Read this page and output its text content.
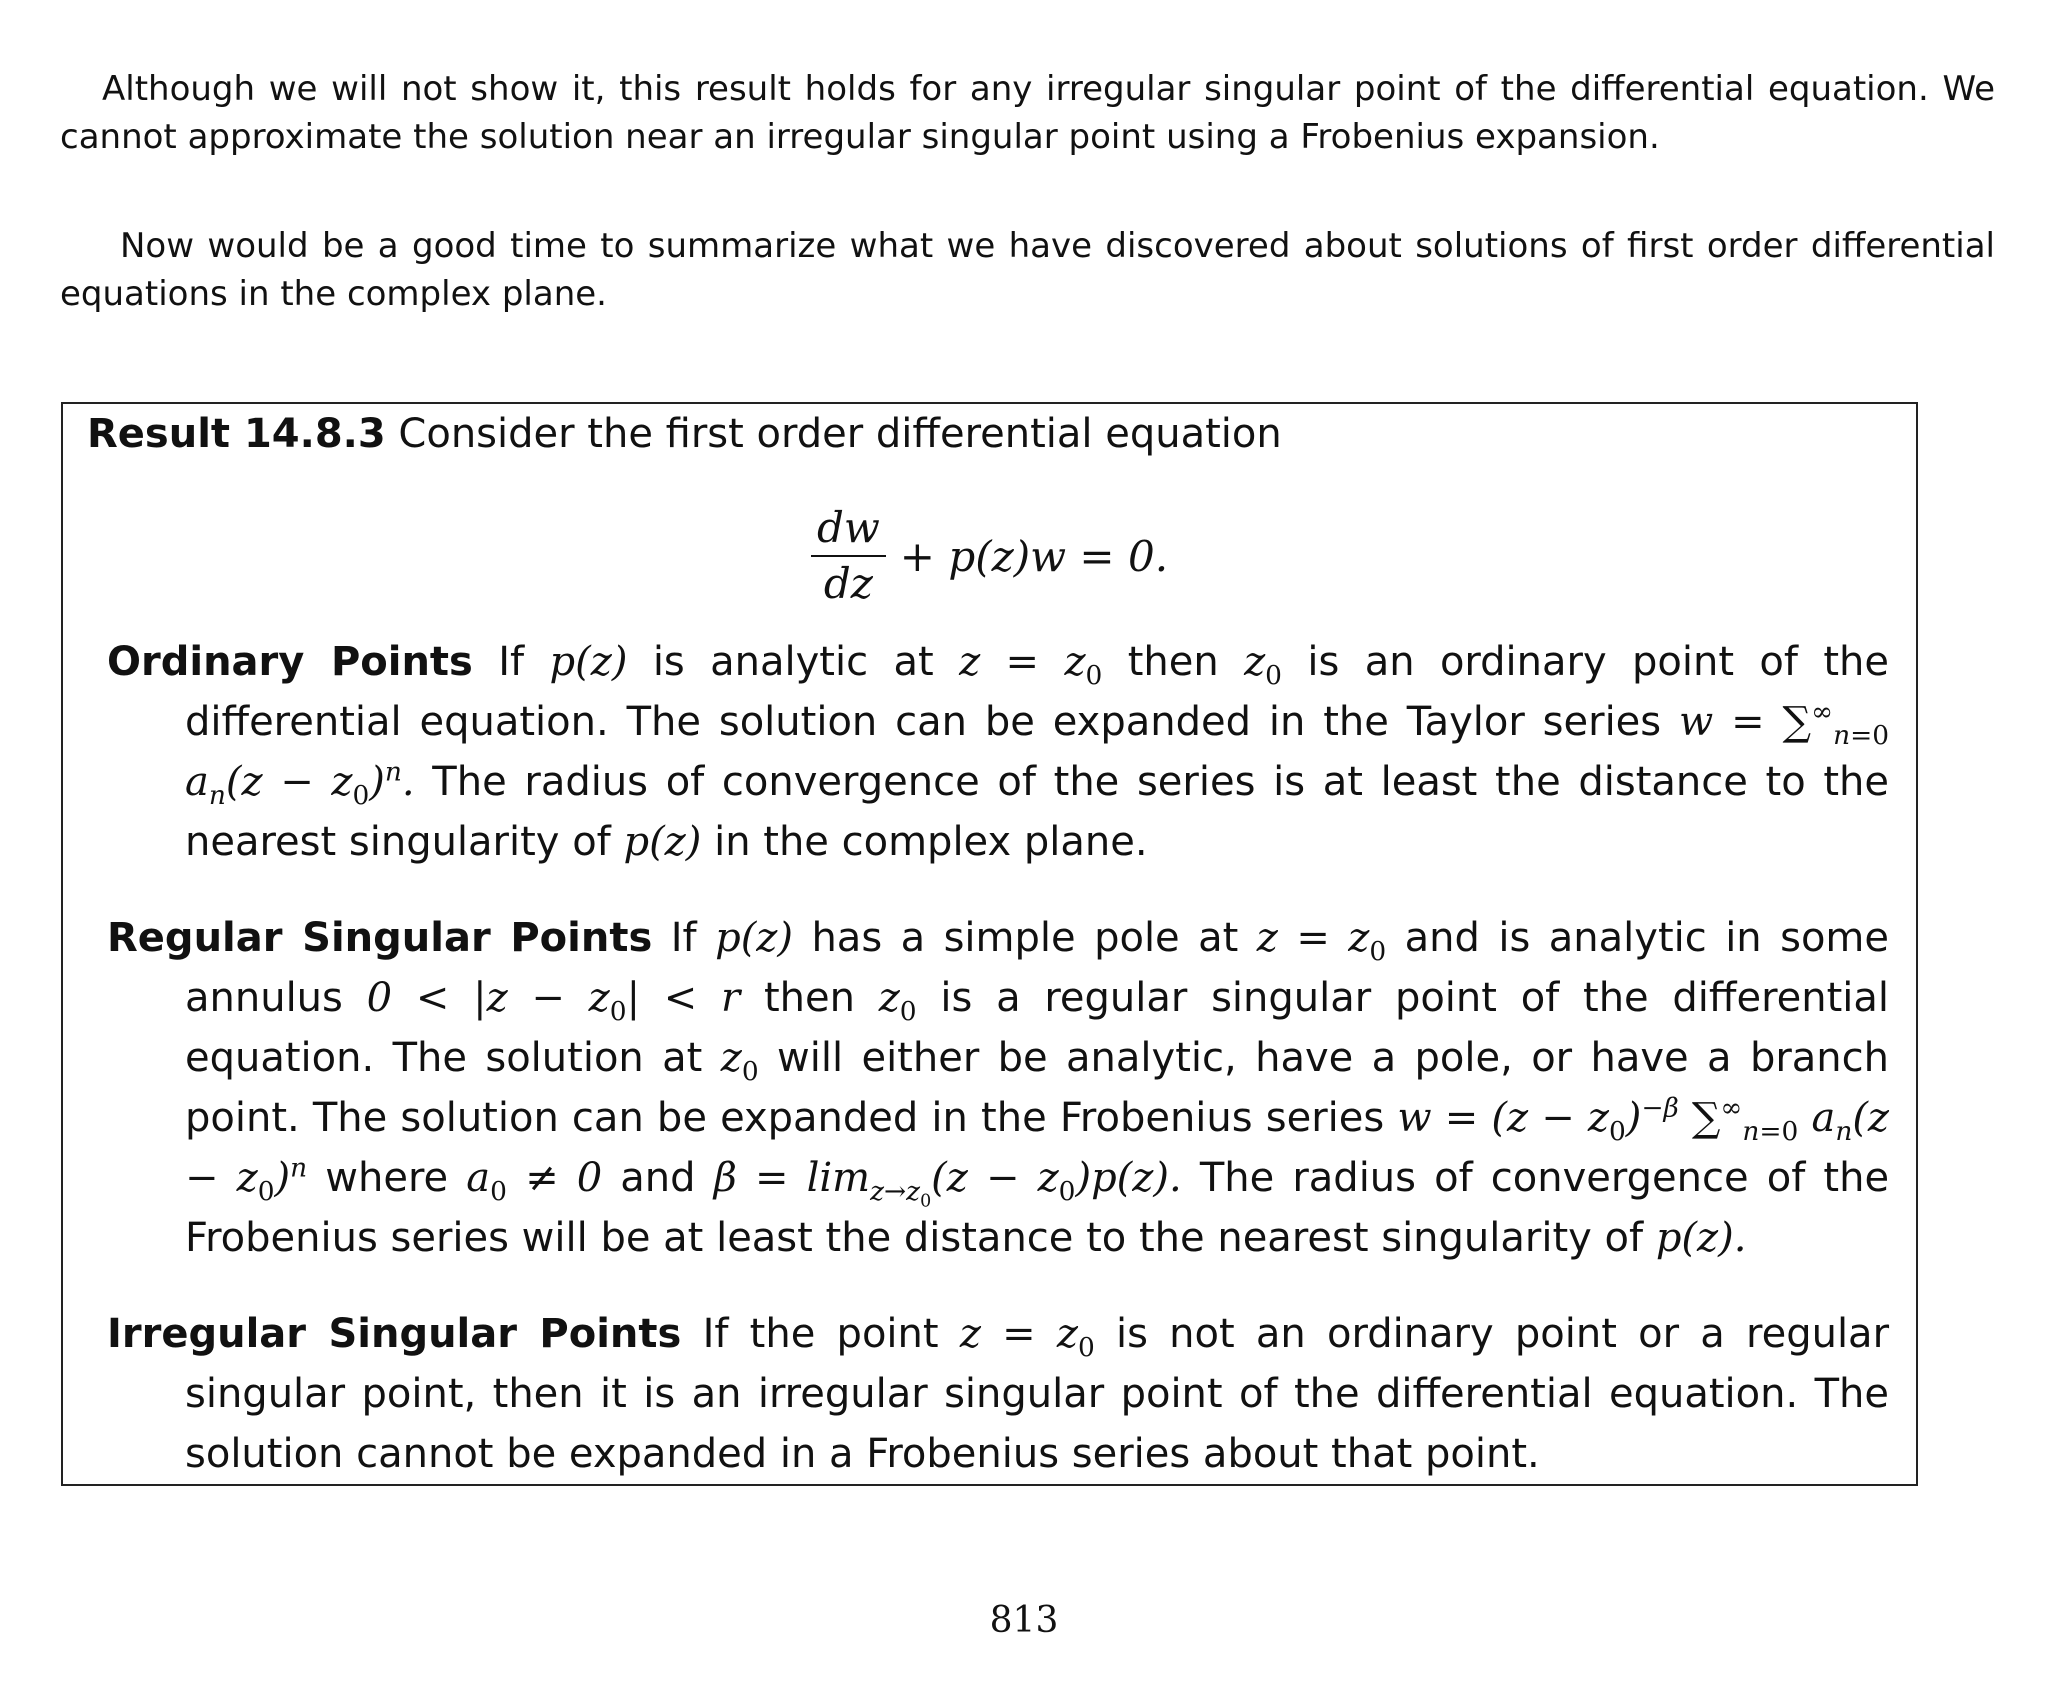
Although we will not show it, this result holds for any irregular singular point of the differential equation. We cannot approximate the solution near an irregular singular point using a Frobenius expansion.

Now would be a good time to summarize what we have discovered about solutions of first order differential equations in the complex plane.

Result 14.8.3 Consider the first order differential equation

$\frac{dw}{dz} + p(z)w = 0$.

Ordinary Points If p(z) is analytic at $z = z_0$ then $z_0$ is an ordinary point of the differential equation. The solution can be expanded in the Taylor series $w = \sum^\infty_{n=0}$ $a_n(z - z_0)^n$. The radius of convergence of the series is at least the distance to the nearest singularity of p(z) in the complex plane.

Regular Singular Points If p(z) has a simple pole at $z = z_0$ and is analytic in some annulus $0 < |z - z_0| < r$ then $z_0$ is a regular singular point of the differential equation. The solution at $z_0$ will either be analytic, have a pole, or have a branch point. The solution can be expanded in the Frobenius series $w = (z - z_0)^{-\beta}$ $\sum^\infty_{n=0}$ $a_n(z - z_0)^n$ where $a_0 \ne 0$ and $\beta = \lim_{z\to z_0}(z - z_0)p(z)$. The radius of convergence of the Frobenius series will be at least the distance to the nearest singularity of p(z).

Irregular Singular Points If the point $z = z_0$ is not an ordinary point or a regular singular point, then it is an irregular singular point of the differential equation. The solution cannot be expanded in a Frobenius series about that point.

813
